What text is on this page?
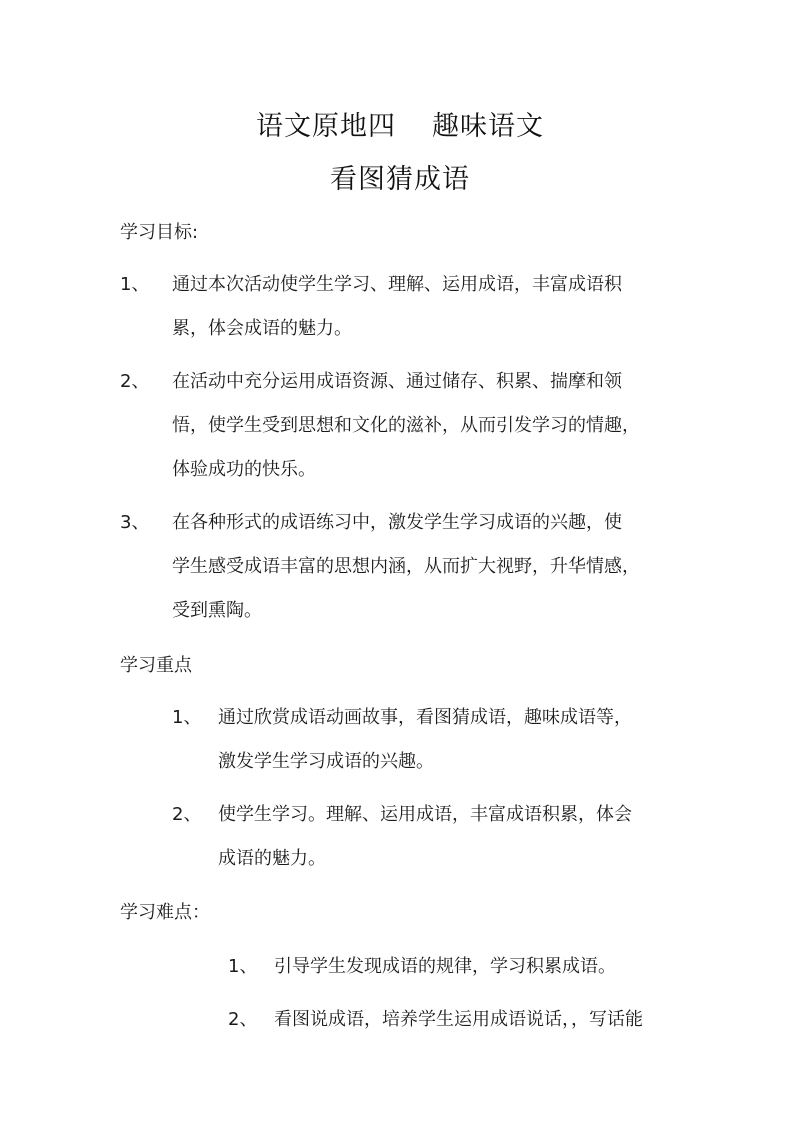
语文原地四 趣味语文
看图猜成语
学习目标:
1、 通过本次活动使学生学习、理解、运用成语，丰富成语积
累，体会成语的魅力。
2、 在活动中充分运用成语资源、通过储存、积累、揣摩和领
悟，使学生受到思想和文化的滋补，从而引发学习的情趣，
体验成功的快乐。
3、 在各种形式的成语练习中，激发学生学习成语的兴趣，使
学生感受成语丰富的思想内涵，从而扩大视野，升华情感，
受到熏陶。
学习重点
1、 通过欣赏成语动画故事，看图猜成语，趣味成语等，
激发学生学习成语的兴趣。
2、 使学生学习。理解、运用成语，丰富成语积累，体会
成语的魅力。
学习难点：
1、 引导学生发现成语的规律，学习积累成语。
2、 看图说成语，培养学生运用成语说话，，写话能
